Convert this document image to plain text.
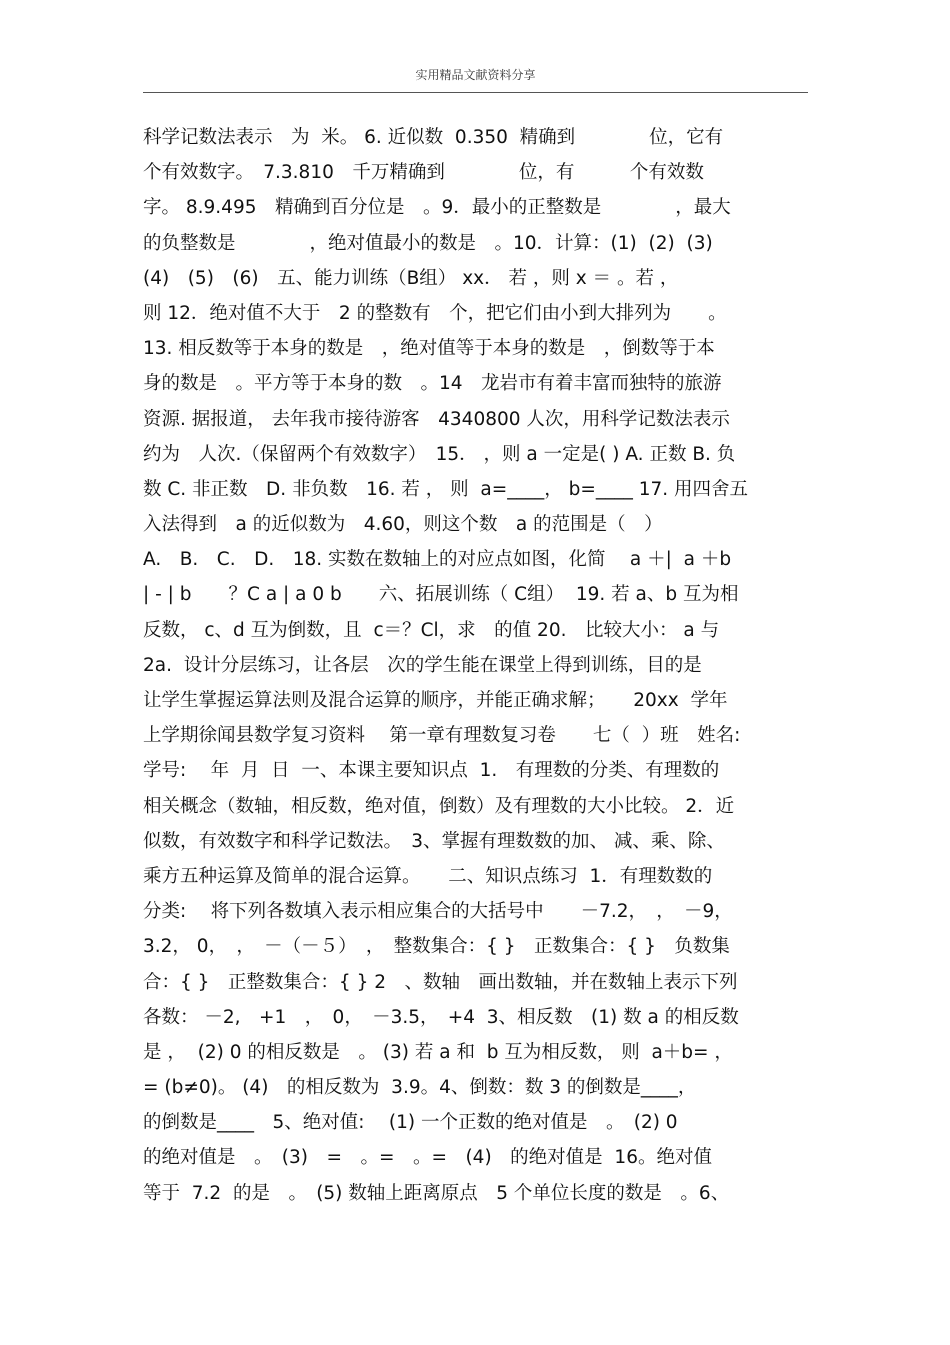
实用精品文献资料分享
科学记数法表示　为  米。 6. 近似数  0.350  精确到　　　　位，它有
个有效数字。　7.3.810　千万精确到　　　　位，有　　　个有效数
字。 8.9.495　精确到百分位是　。9．最小的正整数是　　　　，最大
的负整数是　　　　，绝对值最小的数是　。10．计算：(1)  (2)  (3)
(4)　(5)　(6)　五、能力训练（B组） xx． 若 ，则 x ＝ 。若 ，
则 12．绝对值不大于　2 的整数有　个，把它们由小到大排列为　　。
13. 相反数等于本身的数是　，绝对值等于本身的数是　，倒数等于本
身的数是　。平方等于本身的数　。14　龙岩市有着丰富而独特的旅游
资源. 据报道， 去年我市接待游客　4340800 人次，用科学记数法表示
约为　人次.（保留两个有效数字）　15． ，则 a 一定是( ) A. 正数 B. 负
数 C. 非正数　D. 非负数　16. 若 ， 则  a=____， b=____ 17. 用四舍五
入法得到　a 的近似数为　4.60，则这个数　a 的范围是（　）
A.　B.　C.　D.　18. 实数在数轴上的对应点如图，化简　 a ＋|  a ＋b
| - | b　　？C a | a 0 b　　六、拓展训练（ C组）  19. 若 a、b 互为相
反数， c、d 互为倒数，且  c＝？Cl，求　的值 20.　比较大小： a 与
2a.  设计分层练习，让各层　次的学生能在课堂上得到训练，目的是
让学生掌握运算法则及混合运算的顺序，并能正确求解；　　20xx  学年
上学期徐闻县数学复习资料　 第一章有理数复习卷　　七（  ）班　姓名:
学号:　 年  月  日  一、本课主要知识点  1.　有理数的分类、有理数的
相关概念（数轴，相反数，绝对值，倒数）及有理数的大小比较。 2．近
似数，有效数字和科学记数法。　3、掌握有理数数的加、 减、乘、除、
乘方五种运算及简单的混合运算。　　二、知识点练习  1．有理数数的
分类:　 将下列各数填入表示相应集合的大括号中　　－7.2，　，　－9，
3.2， 0，　，　－（－５）　，　整数集合：{ }　正数集合：{ }　负数集
合：{ }　正整数集合：{ } 2　、数轴　画出数轴，并在数轴上表示下列
各数： －2,　+1　，　0，　－3.5，　+4  3、相反数　(1) 数 a 的相反数
是 ，  (2) 0 的相反数是　。 (3) 若 a 和  b 互为相反数， 则  a＋b= ，
= (b≠0)。 (4)　的相反数为  3.9。4、倒数：数 3 的倒数是____，
的倒数是____　5、绝对值:　 (1) 一个正数的绝对值是　。　(2) 0
的绝对值是　。　(3)　=　。=　。=　(4)　的绝对值是  16。绝对值
等于  7.2  的是　。　(5) 数轴上距离原点　5 个单位长度的数是　。6、
